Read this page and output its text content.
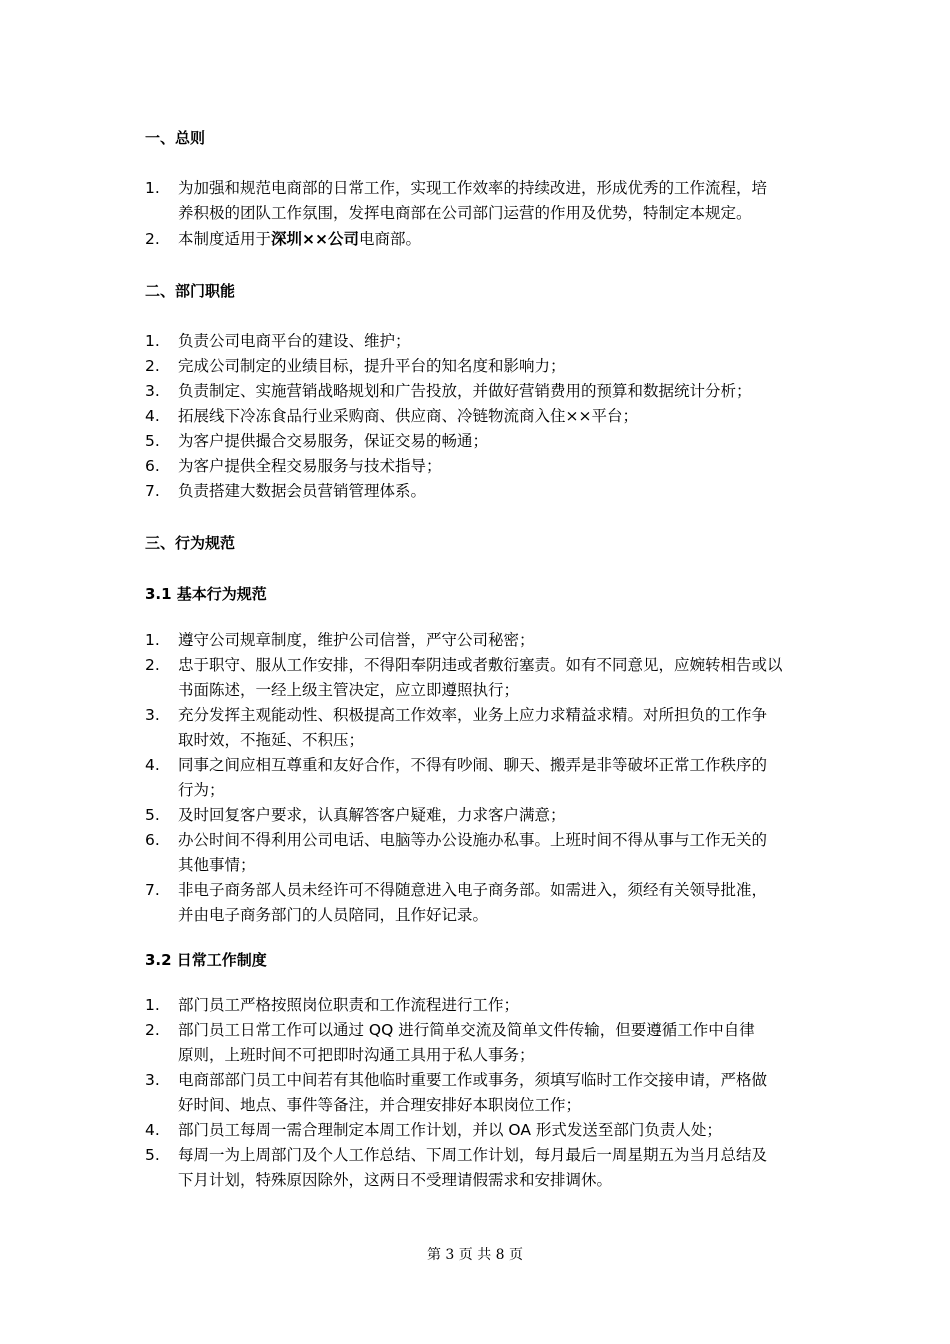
一、总则
1.	为加强和规范电商部的日常工作，实现工作效率的持续改进，形成优秀的工作流程，培
养积极的团队工作氛围，发挥电商部在公司部门运营的作用及优势，特制定本规定。
2.	本制度适用于深圳××公司电商部。
二、部门职能
1.	负责公司电商平台的建设、维护；
2.	完成公司制定的业绩目标，提升平台的知名度和影响力；
3.	负责制定、实施营销战略规划和广告投放，并做好营销费用的预算和数据统计分析；
4.	拓展线下冷冻食品行业采购商、供应商、冷链物流商入住××平台；
5.	为客户提供撮合交易服务，保证交易的畅通；
6.	为客户提供全程交易服务与技术指导；
7.	负责搭建大数据会员营销管理体系。
三、行为规范
3.1 基本行为规范
1.	遵守公司规章制度，维护公司信誉，严守公司秘密；
2.	忠于职守、服从工作安排，不得阳奉阴违或者敷衍塞责。如有不同意见，应婉转相告或以
书面陈述，一经上级主管决定，应立即遵照执行；
3.	充分发挥主观能动性、积极提高工作效率，业务上应力求精益求精。对所担负的工作争
取时效，不拖延、不积压；
4.	同事之间应相互尊重和友好合作，不得有吵闹、聊天、搬弄是非等破坏正常工作秩序的
行为；
5.	及时回复客户要求，认真解答客户疑难，力求客户满意；
6.	办公时间不得利用公司电话、电脑等办公设施办私事。上班时间不得从事与工作无关的
其他事情；
7.	非电子商务部人员未经许可不得随意进入电子商务部。如需进入，须经有关领导批准，
并由电子商务部门的人员陪同，且作好记录。
3.2 日常工作制度
1.	部门员工严格按照岗位职责和工作流程进行工作；
2.	部门员工日常工作可以通过 QQ 进行简单交流及简单文件传输，但要遵循工作中自律
原则，上班时间不可把即时沟通工具用于私人事务；
3.	电商部部门员工中间若有其他临时重要工作或事务，须填写临时工作交接申请，严格做
好时间、地点、事件等备注，并合理安排好本职岗位工作；
4.	部门员工每周一需合理制定本周工作计划，并以 OA 形式发送至部门负责人处；
5.	每周一为上周部门及个人工作总结、下周工作计划，每月最后一周星期五为当月总结及
下月计划，特殊原因除外，这两日不受理请假需求和安排调休。
第 3 页 共 8 页
